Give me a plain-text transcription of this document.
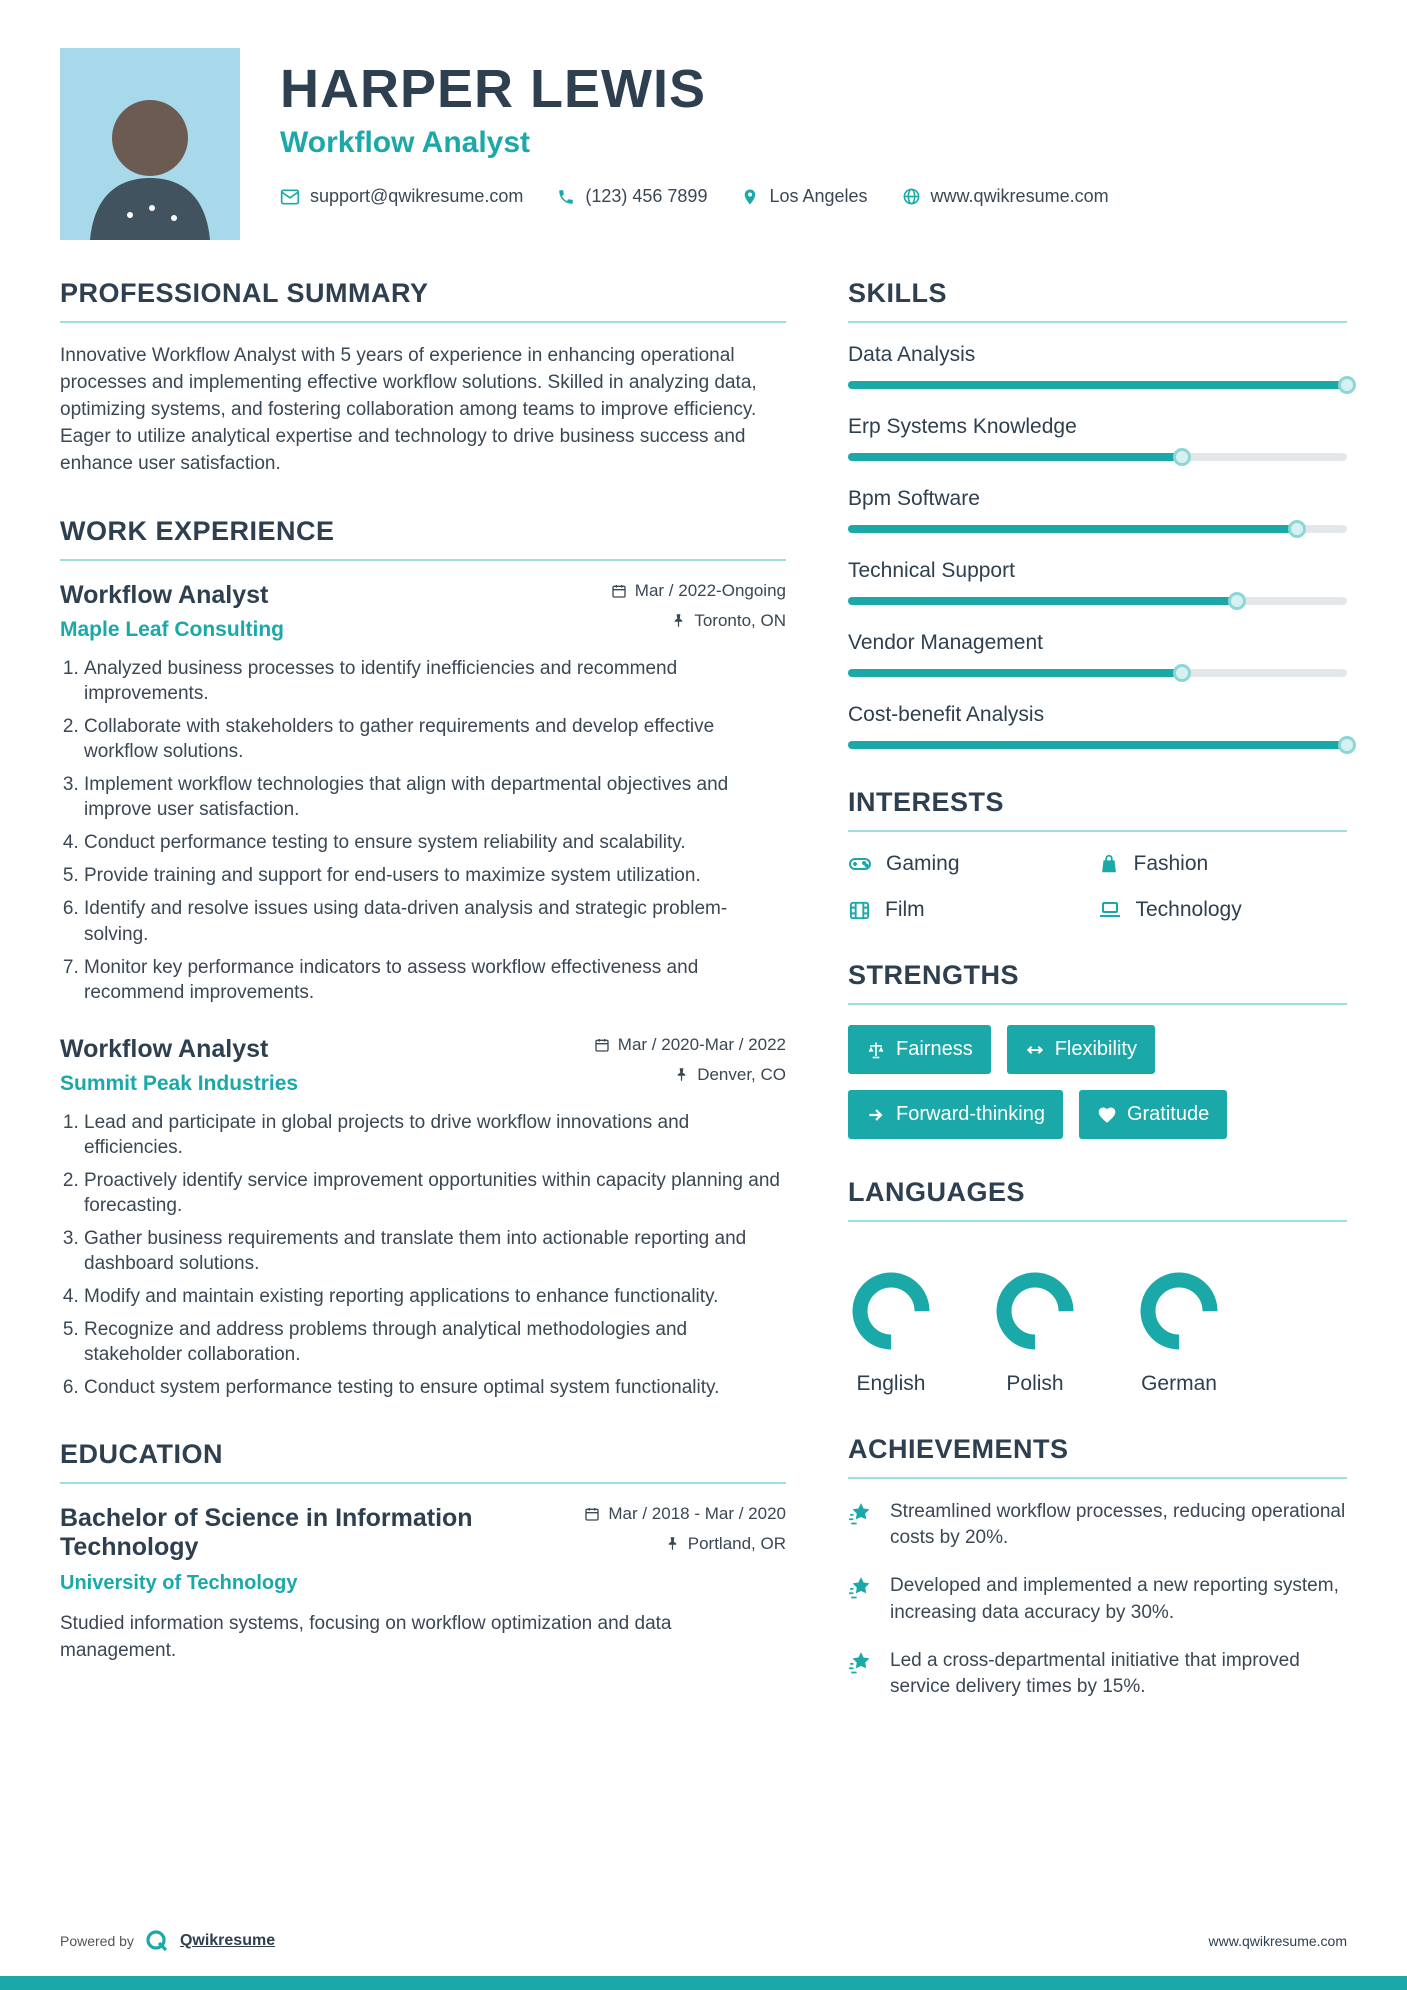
HARPER LEWIS
Workflow Analyst
support@qwikresume.com	(123) 456 7899	Los Angeles	www.qwikresume.com
PROFESSIONAL SUMMARY

Innovative Workflow Analyst with 5 years of experience in enhancing operational processes and implementing effective workflow solutions. Skilled in analyzing data, optimizing systems, and fostering collaboration among teams to improve efficiency. Eager to utilize analytical expertise and technology to drive business success and enhance user satisfaction.

WORK EXPERIENCE
Workflow Analyst
Maple Leaf Consulting
Mar / 2022-Ongoing
Toronto, ON
1. Analyzed business processes to identify inefficiencies and recommend improvements.
2. Collaborate with stakeholders to gather requirements and develop effective workflow solutions.
3. Implement workflow technologies that align with departmental objectives and improve user satisfaction.
4. Conduct performance testing to ensure system reliability and scalability.
5. Provide training and support for end-users to maximize system utilization.
6. Identify and resolve issues using data-driven analysis and strategic problem-solving.
7. Monitor key performance indicators to assess workflow effectiveness and recommend improvements.
Workflow Analyst
Summit Peak Industries
Mar / 2020-Mar / 2022
Denver, CO
1. Lead and participate in global projects to drive workflow innovations and efficiencies.
2. Proactively identify service improvement opportunities within capacity planning and forecasting.
3. Gather business requirements and translate them into actionable reporting and dashboard solutions.
4. Modify and maintain existing reporting applications to enhance functionality.
5. Recognize and address problems through analytical methodologies and stakeholder collaboration.
6. Conduct system performance testing to ensure optimal system functionality.
EDUCATION
Bachelor of Science in Information Technology
University of Technology
Mar / 2018 - Mar / 2020
Portland, OR

Studied information systems, focusing on workflow optimization and data management.

SKILLS
Data Analysis
Erp Systems Knowledge
Bpm Software
Technical Support
Vendor Management
Cost-benefit Analysis
INTERESTS
Gaming	Fashion
Film	Technology
STRENGTHS
Fairness	Flexibility
Forward-thinking	Gratitude
LANGUAGES
English	Polish	German
ACHIEVEMENTS

Streamlined workflow processes, reducing operational costs by 20%.

Developed and implemented a new reporting system, increasing data accuracy by 30%.

Led a cross-departmental initiative that improved service delivery times by 15%.

Powered by	Qwikresume	www.qwikresume.com
